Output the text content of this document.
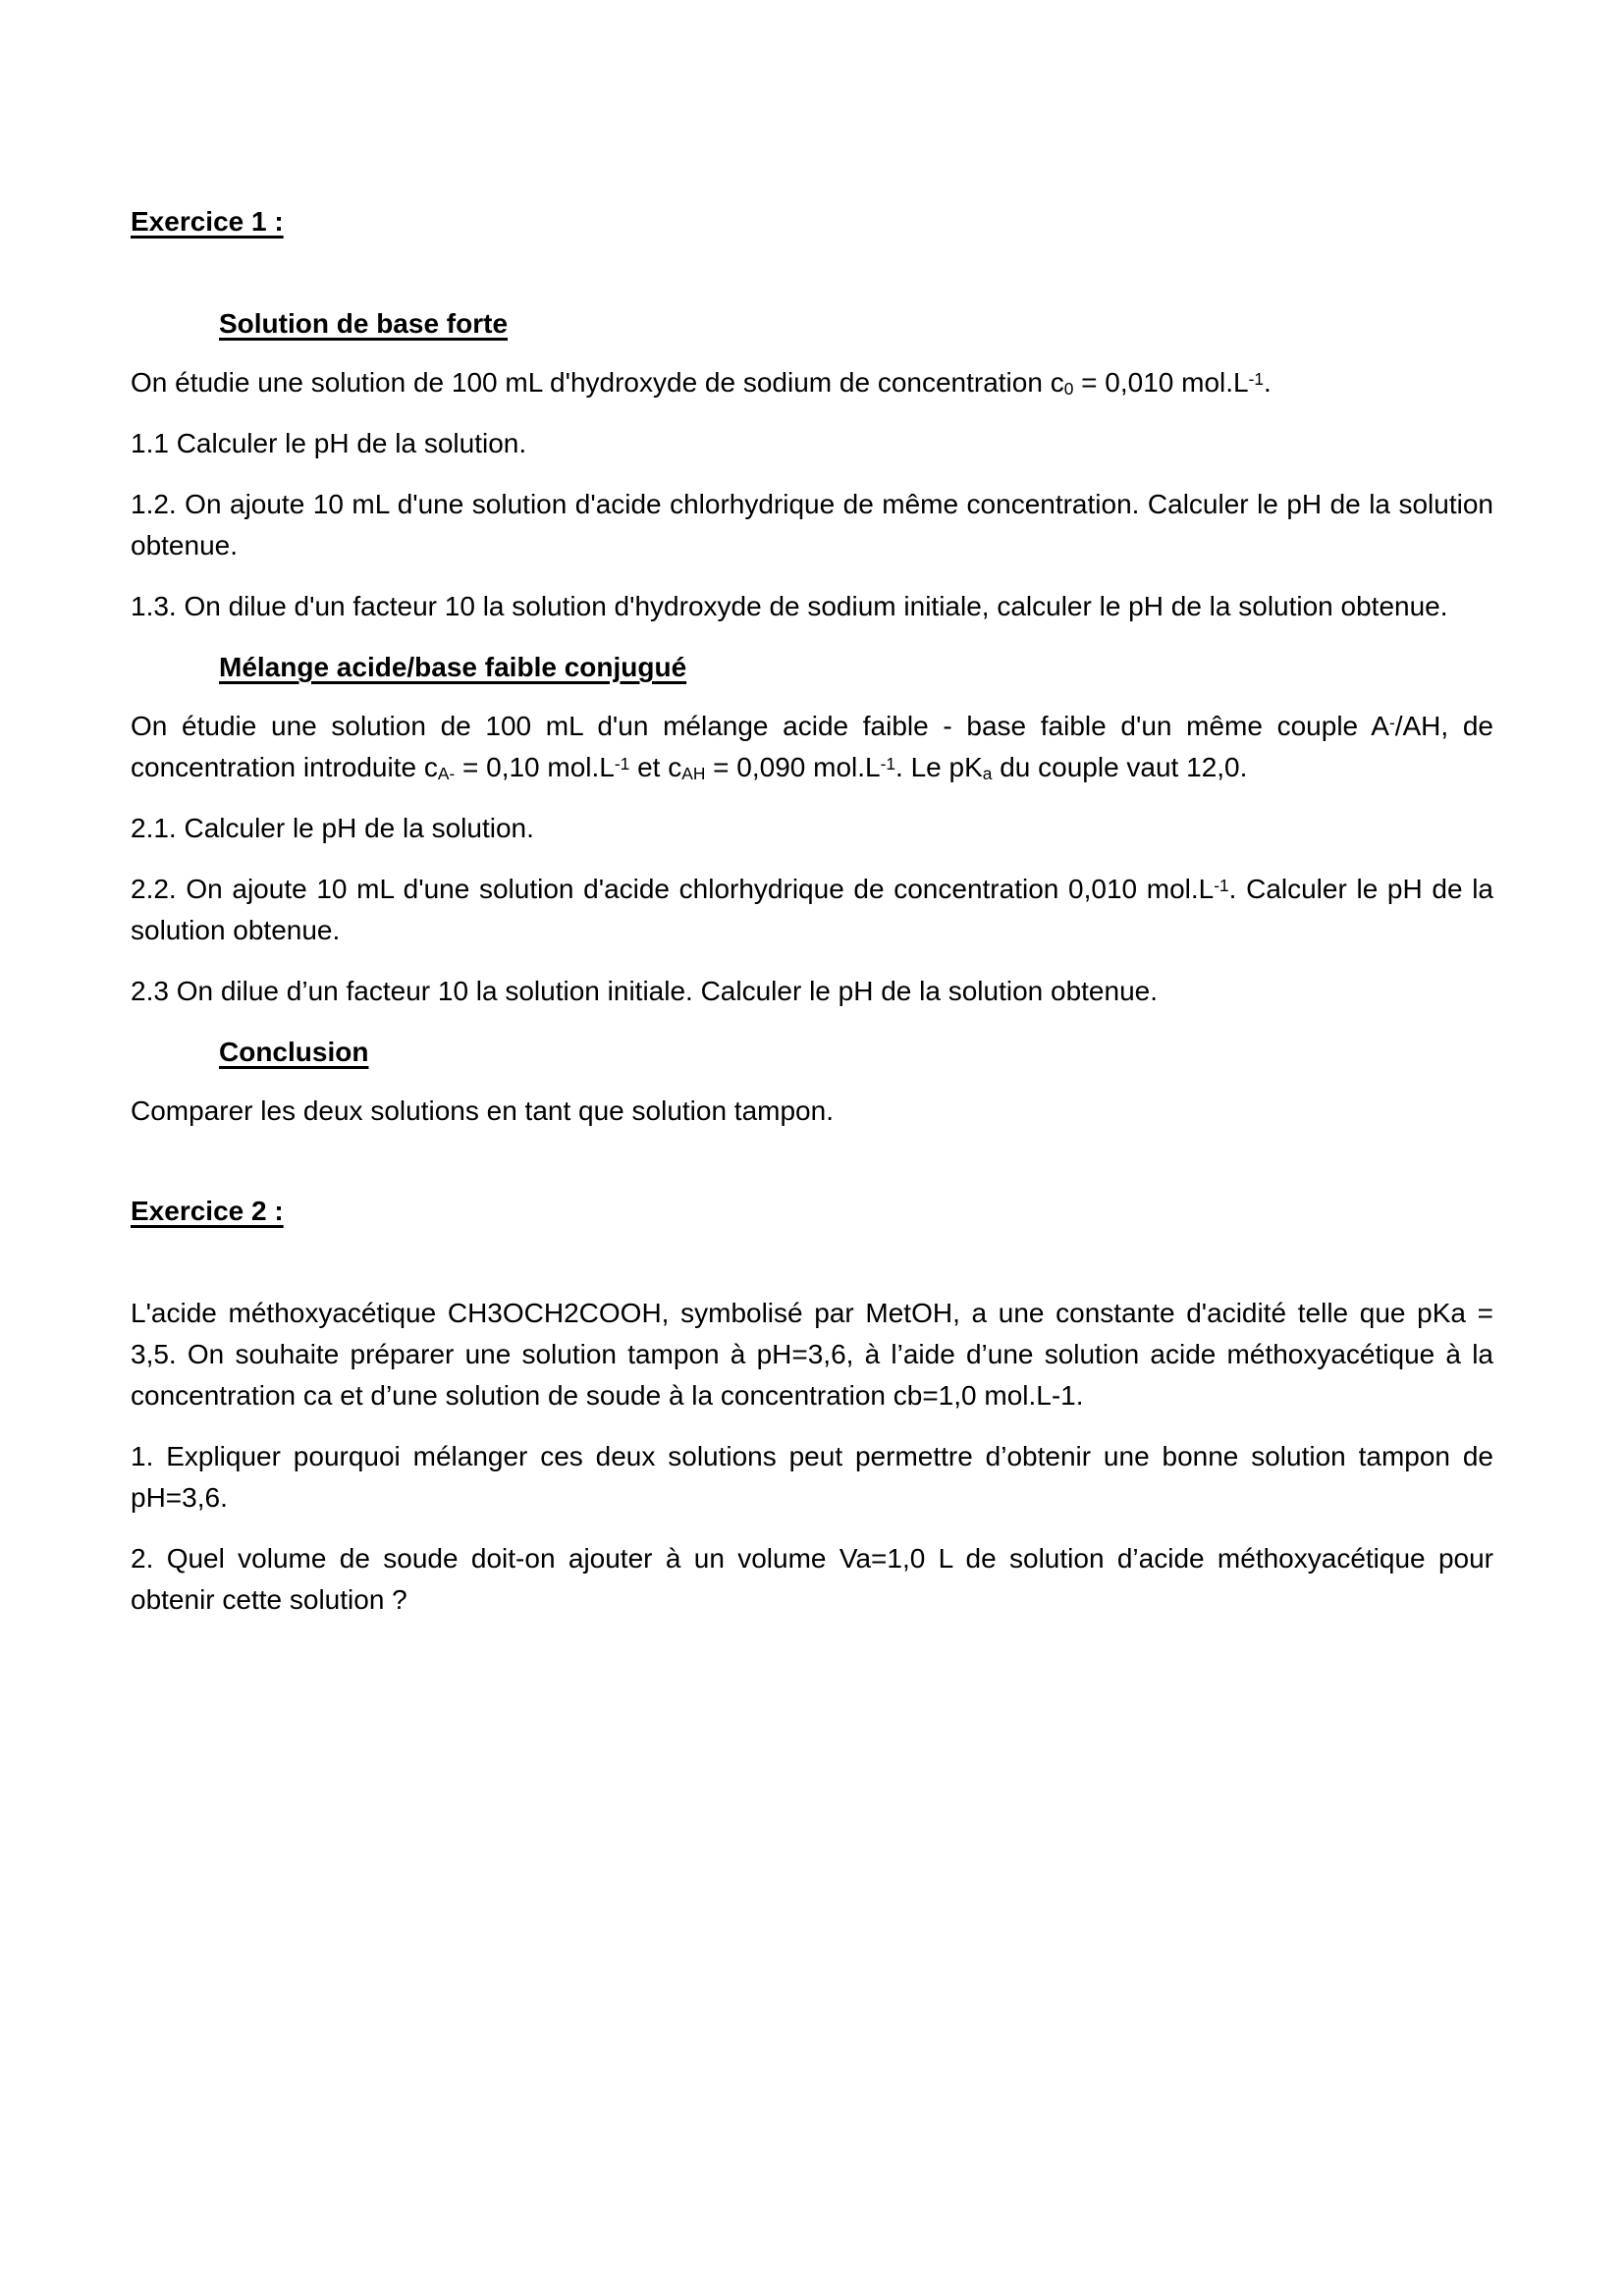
Exercice 1 :

Solution de base forte

On étudie une solution de 100 mL d'hydroxyde de sodium de concentration $c_0 = 0,010$ $mol.L^{-1}$.

1.1 Calculer le pH de la solution.

1.2. On ajoute 10 mL d'une solution d'acide chlorhydrique de même concentration. Calculer le pH de la solution obtenue.

1.3. On dilue d'un facteur 10 la solution d'hydroxyde de sodium initiale, calculer le pH de la solution obtenue.

Mélange acide/base faible conjugué

On étudie une solution de 100 mL d'un mélange acide faible - base faible d'un même couple A-/AH, de concentration introduite $c_{A-} = 0,10$ $mol.L^{-1}$ et $c_{AH} = 0,090$ $mol.L^{-1}$. Le $pK_a$ du couple vaut 12,0.

2.1. Calculer le pH de la solution.

2.2. On ajoute 10 mL d'une solution d'acide chlorhydrique de concentration 0,010 $mol.L^{-1}$. Calculer le pH de la solution obtenue.

2.3 On dilue d’un facteur 10 la solution initiale. Calculer le pH de la solution obtenue.

Conclusion

Comparer les deux solutions en tant que solution tampon.

Exercice 2 :

L'acide méthoxyacétique CH3OCH2COOH, symbolisé par MetOH, a une constante d'acidité telle que pKa = 3,5. On souhaite préparer une solution tampon à pH=3,6, à l’aide d’une solution acide méthoxyacétique à la concentration ca et d’une solution de soude à la concentration cb=1,0 mol.L-1.

1. Expliquer pourquoi mélanger ces deux solutions peut permettre d’obtenir une bonne solution tampon de pH=3,6.

2. Quel volume de soude doit-on ajouter à un volume Va=1,0 L de solution d’acide méthoxyacétique pour obtenir cette solution ?
